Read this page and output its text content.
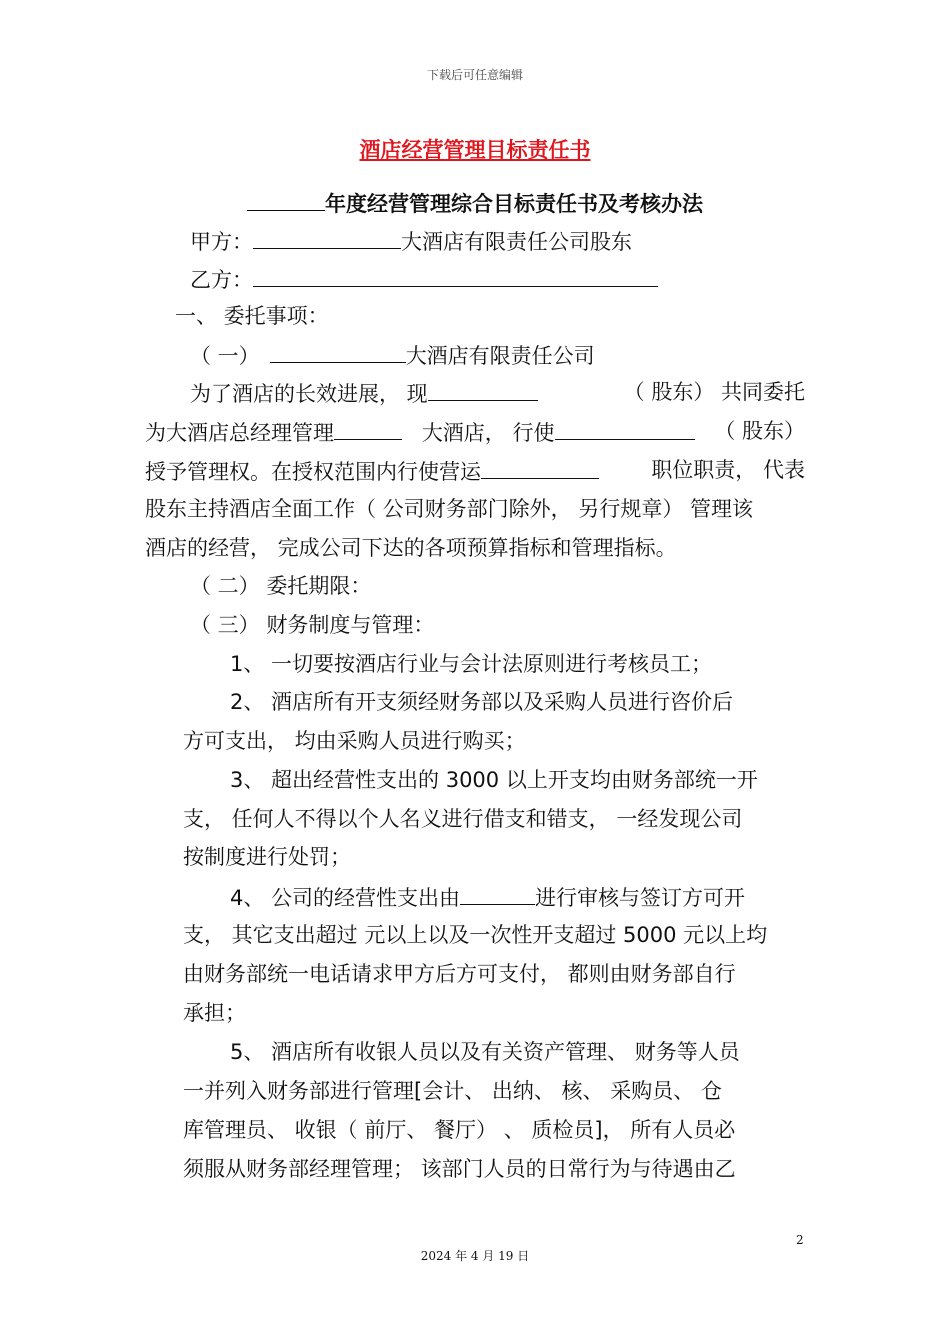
下载后可任意编辑
酒店经营管理目标责任书
年度经营管理综合目标责任书及考核办法
甲方：	大酒店有限责任公司股东
乙方：
一、 委托事项：
（ 一）	大酒店有限责任公司
为了酒店的长效进展， 现	（ 股东） 共同委托
为大酒店总经理管理	大酒店， 行使	（ 股东）
授予管理权。在授权范围内行使营运	职位职责， 代表
股东主持酒店全面工作（ 公司财务部门除外， 另行规章） 管理该
酒店的经营， 完成公司下达的各项预算指标和管理指标。
（ 二） 委托期限：
（ 三） 财务制度与管理：
1、 一切要按酒店行业与会计法原则进行考核员工；
2、 酒店所有开支须经财务部以及采购人员进行咨价后
方可支出， 均由采购人员进行购买；
3、 超出经营性支出的 3000 以上开支均由财务部统一开
支， 任何人不得以个人名义进行借支和错支， 一经发现公司
按制度进行处罚；
4、 公司的经营性支出由	进行审核与签订方可开
支， 其它支出超过 元以上以及一次性开支超过 5000 元以上均
由财务部统一电话请求甲方后方可支付， 都则由财务部自行
承担；
5、 酒店所有收银人员以及有关资产管理、 财务等人员
一并列入财务部进行管理[会计、 出纳、 核、 采购员、 仓
库管理员、 收银（ 前厅、 餐厅） 、 质检员]， 所有人员必
须服从财务部经理管理； 该部门人员的日常行为与待遇由乙
2
2024 年 4 月 19 日
